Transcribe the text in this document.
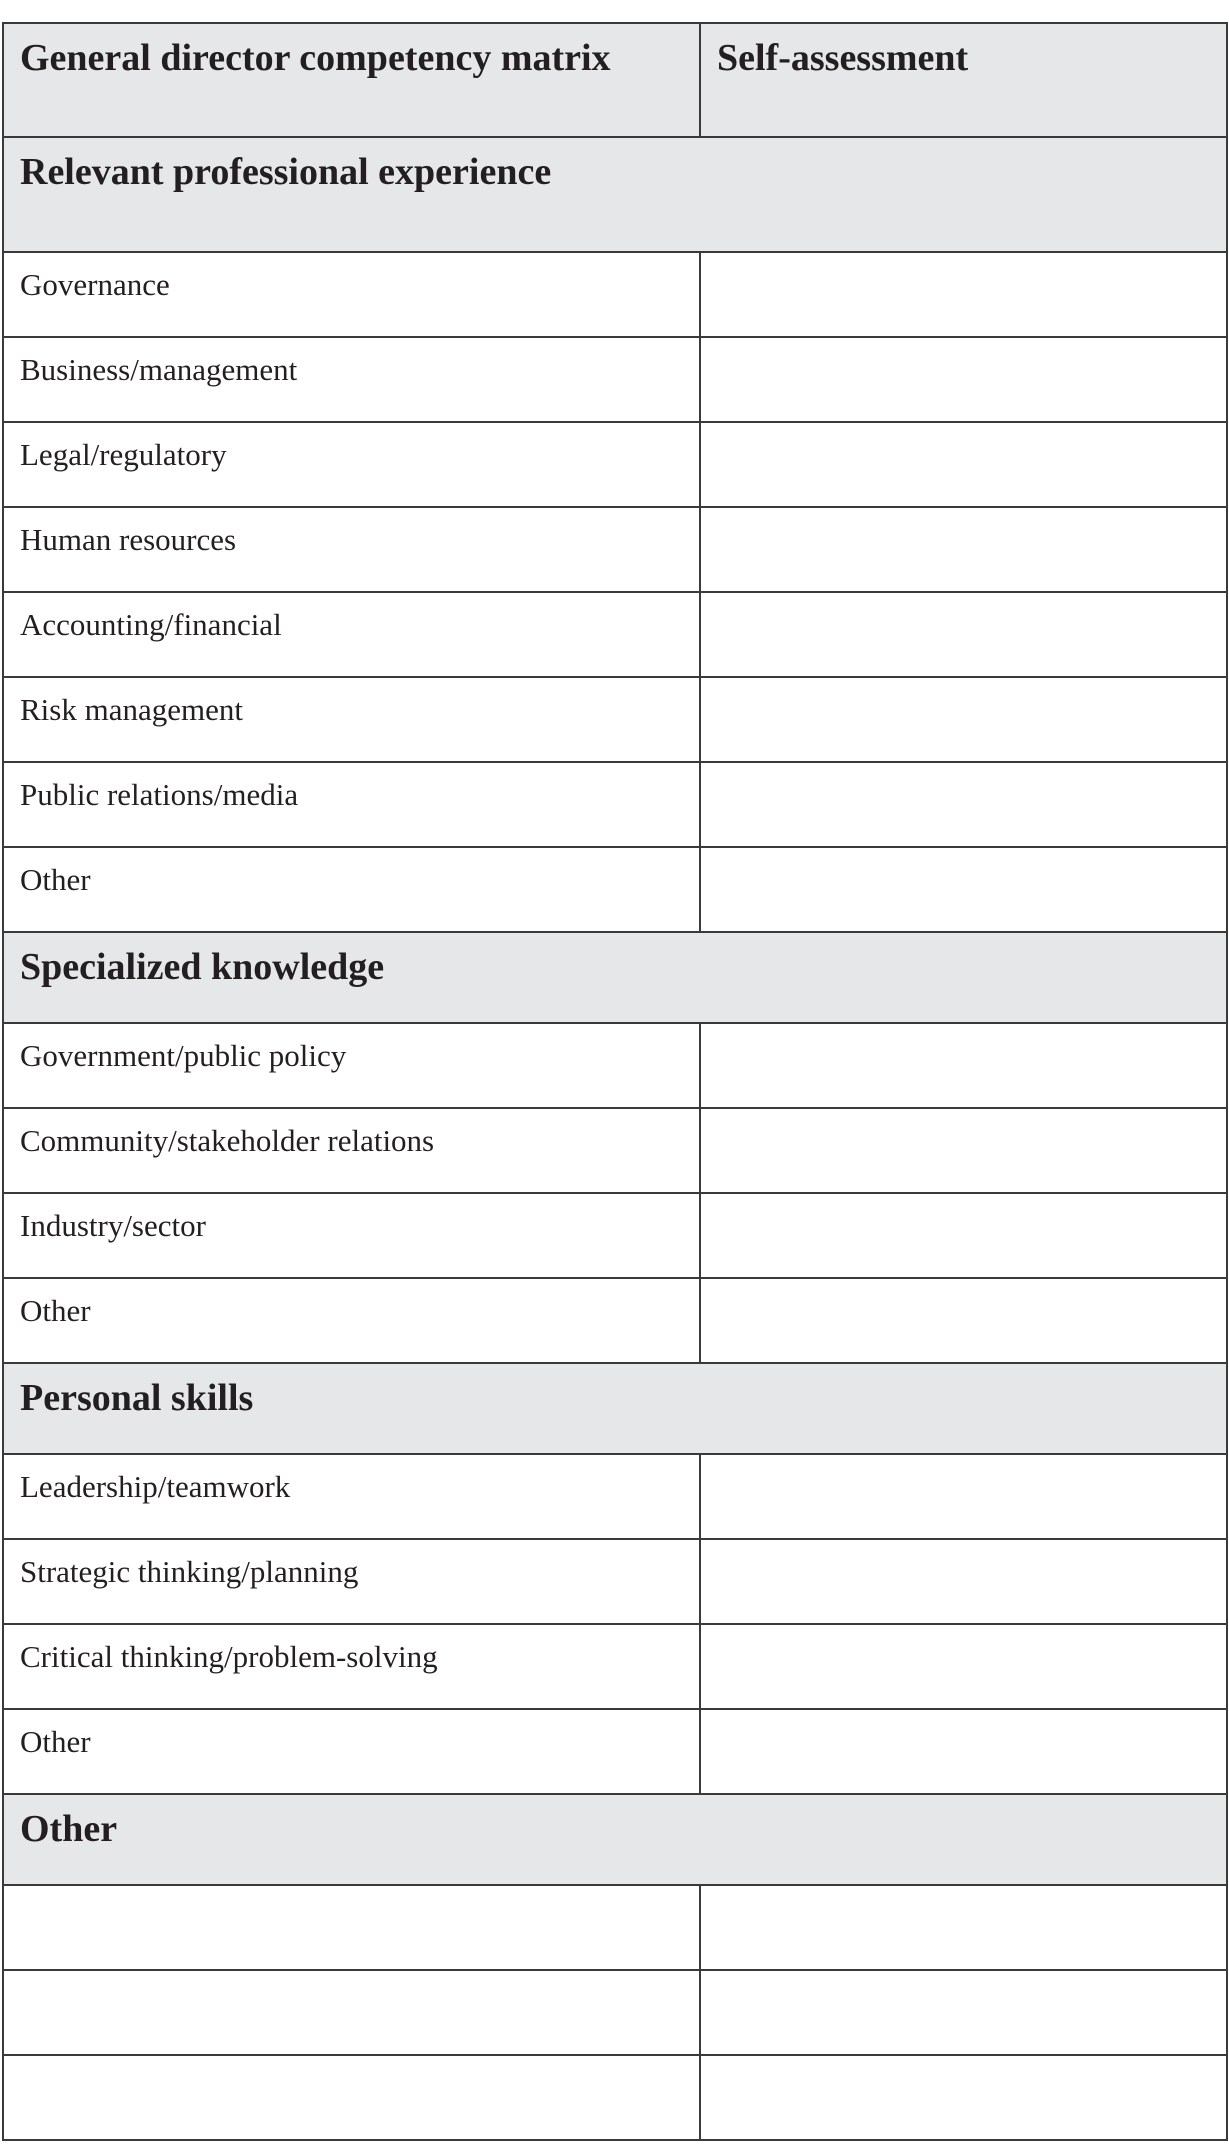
General director competency matrix	Self-assessment
Relevant professional experience	
Governance	
Business/management	
Legal/regulatory	
Human resources	
Accounting/financial	
Risk management	
Public relations/media	
Other	
Specialized knowledge	
Government/public policy	
Community/stakeholder relations	
Industry/sector	
Other	
Personal skills	
Leadership/teamwork	
Strategic thinking/planning	
Critical thinking/problem-solving	
Other	
Other	
